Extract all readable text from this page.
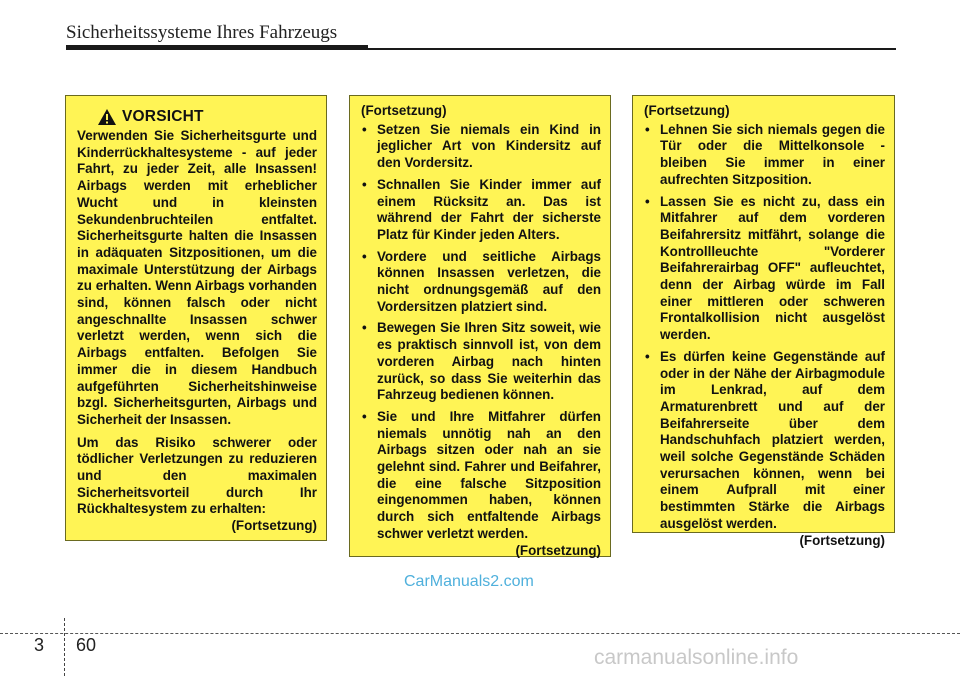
Sicherheitssysteme Ihres Fahrzeugs
VORSICHT
Verwenden Sie Sicherheitsgurte und Kinderrückhaltesysteme - auf jeder Fahrt, zu jeder Zeit, alle Insassen! Airbags werden mit erheblicher Wucht und in kleinsten Sekundenbruchteilen entfaltet. Sicherheitsgurte halten die Insassen in adäquaten Sitzpositionen, um die maximale Unterstützung der Airbags zu erhalten. Wenn Airbags vorhanden sind, können falsch oder nicht angeschnallte Insassen schwer verletzt werden, wenn sich die Airbags entfalten. Befolgen Sie immer die in diesem Handbuch aufgeführten Sicherheitshinweise bzgl. Sicherheitsgurten, Airbags und Sicherheit der Insassen.
Um das Risiko schwerer oder tödlicher Verletzungen zu reduzieren und den maximalen Sicherheitsvorteil durch Ihr Rückhaltesystem zu erhalten:
(Fortsetzung)
(Fortsetzung)
• Setzen Sie niemals ein Kind in jeglicher Art von Kindersitz auf den Vordersitz.
• Schnallen Sie Kinder immer auf einem Rücksitz an. Das ist während der Fahrt der sicherste Platz für Kinder jeden Alters.
• Vordere und seitliche Airbags können Insassen verletzen, die nicht ordnungsgemäß auf den Vordersitzen platziert sind.
• Bewegen Sie Ihren Sitz soweit, wie es praktisch sinnvoll ist, von dem vorderen Airbag nach hinten zurück, so dass Sie weiterhin das Fahrzeug bedienen können.
• Sie und Ihre Mitfahrer dürfen niemals unnötig nah an den Airbags sitzen oder nah an sie gelehnt sind. Fahrer und Beifahrer, die eine falsche Sitzposition eingenommen haben, können durch sich entfaltende Airbags schwer verletzt werden.
(Fortsetzung)
(Fortsetzung)
• Lehnen Sie sich niemals gegen die Tür oder die Mittelkonsole - bleiben Sie immer in einer aufrechten Sitzposition.
• Lassen Sie es nicht zu, dass ein Mitfahrer auf dem vorderen Beifahrersitz mitfährt, solange die Kontrollleuchte "Vorderer Beifahrerairbag OFF" aufleuchtet, denn der Airbag würde im Fall einer mittleren oder schweren Frontalkollision nicht ausgelöst werden.
• Es dürfen keine Gegenstände auf oder in der Nähe der Airbagmodule im Lenkrad, auf dem Armaturenbrett und auf der Beifahrerseite über dem Handschuhfach platziert werden, weil solche Gegenstände Schäden verursachen können, wenn bei einem Aufprall mit einer bestimmten Stärke die Airbags ausgelöst werden.
(Fortsetzung)
CarManuals2.com
3 60
carmanualsonline.info
